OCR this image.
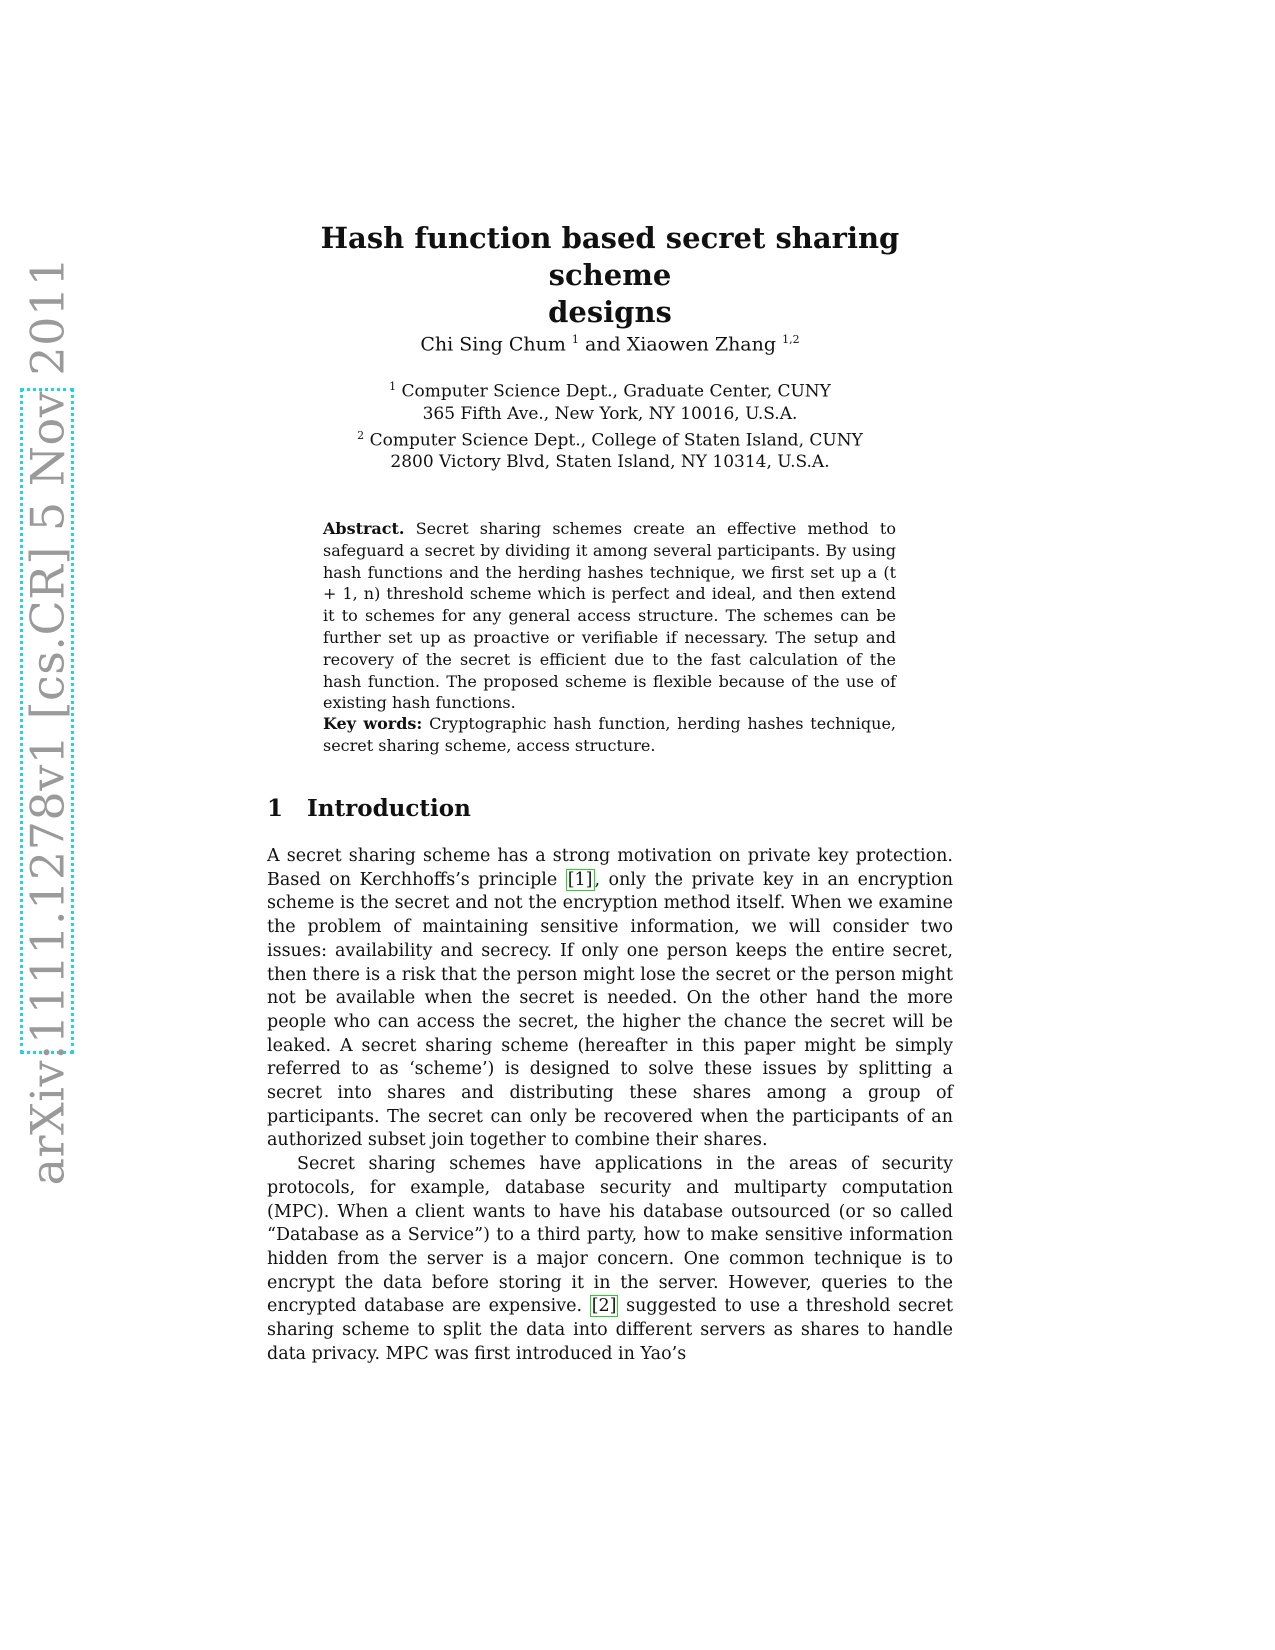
arXiv:1111.1278v1 [cs.CR] 5 Nov 2011
Hash function based secret sharing scheme
designs
Chi Sing Chum $^1$ and Xiaowen Zhang $^{1,2}$
$^1$ Computer Science Dept., Graduate Center, CUNY
365 Fifth Ave., New York, NY 10016, U.S.A.
$^2$ Computer Science Dept., College of Staten Island, CUNY
2800 Victory Blvd, Staten Island, NY 10314, U.S.A.

Abstract. Secret sharing schemes create an effective method to safeguard a secret by dividing it among several participants. By using hash functions and the herding hashes technique, we first set up a (t + 1, n) threshold scheme which is perfect and ideal, and then extend it to schemes for any general access structure. The schemes can be further set up as proactive or verifiable if necessary. The setup and recovery of the secret is efficient due to the fast calculation of the hash function. The proposed scheme is flexible because of the use of existing hash functions.

Key words: Cryptographic hash function, herding hashes technique, secret sharing scheme, access structure.

1 Introduction

A secret sharing scheme has a strong motivation on private key protection. Based on Kerchhoffs’s principle [1] , only the private key in an encryption scheme is the secret and not the encryption method itself. When we examine the problem of maintaining sensitive information, we will consider two issues: availability and secrecy. If only one person keeps the entire secret, then there is a risk that the person might lose the secret or the person might not be available when the secret is needed. On the other hand the more people who can access the secret, the higher the chance the secret will be leaked. A secret sharing scheme (hereafter in this paper might be simply referred to as ‘scheme’) is designed to solve these issues by splitting a secret into shares and distributing these shares among a group of participants. The secret can only be recovered when the participants of an authorized subset join together to combine their shares.

Secret sharing schemes have applications in the areas of security protocols, for example, database security and multiparty computation (MPC). When a client wants to have his database outsourced (or so called “Database as a Service”) to a third party, how to make sensitive information hidden from the server is a major concern. One common technique is to encrypt the data before storing it in the server. However, queries to the encrypted database are expensive. [2] suggested to use a threshold secret sharing scheme to split the data into different servers as shares to handle data privacy. MPC was first introduced in Yao’s
